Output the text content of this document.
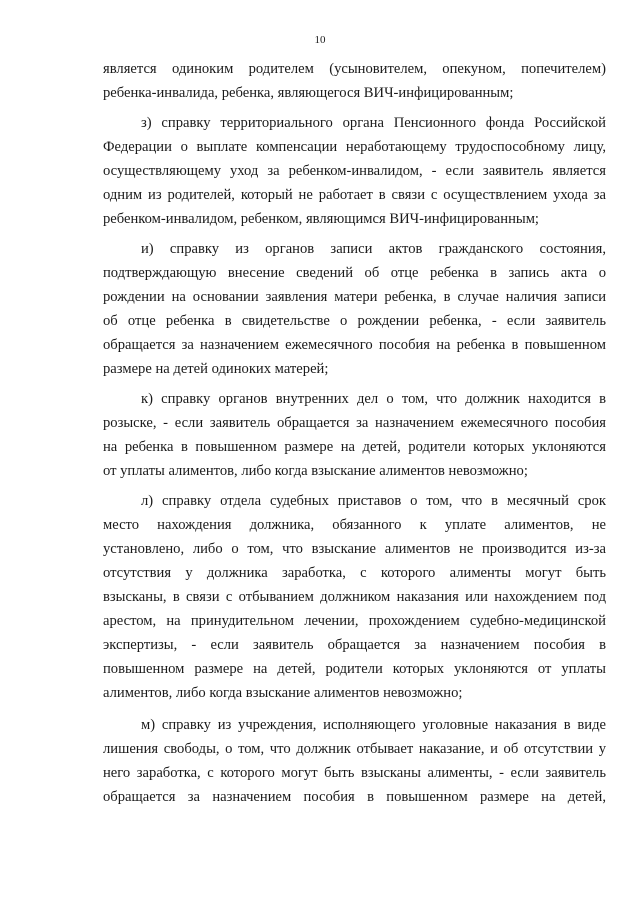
10
является одиноким родителем (усыновителем, опекуном, попечителем)
ребенка-инвалида, ребенка, являющегося ВИЧ-инфицированным;
з) справку территориального органа Пенсионного фонда Российской
Федерации о выплате компенсации неработающему трудоспособному лицу,
осуществляющему уход за ребенком-инвалидом, - если заявитель является
одним из родителей, который не работает в связи с осуществлением ухода за
ребенком-инвалидом, ребенком, являющимся ВИЧ-инфицированным;
и) справку из органов записи актов гражданского состояния,
подтверждающую внесение сведений об отце ребенка в запись акта о
рождении на основании заявления матери ребенка, в случае наличия записи
об отце ребенка в свидетельстве о рождении ребенка, - если заявитель
обращается за назначением ежемесячного пособия на ребенка в повышенном
размере на детей одиноких матерей;
к) справку органов внутренних дел о том, что должник находится в
розыске, - если заявитель обращается за назначением ежемесячного пособия
на ребенка в повышенном размере на детей, родители которых уклоняются
от уплаты алиментов, либо когда взыскание алиментов невозможно;
л) справку отдела судебных приставов о том, что в месячный срок
место нахождения должника, обязанного к уплате алиментов, не
установлено, либо о том, что взыскание алиментов не производится из-за
отсутствия у должника заработка, с которого алименты могут быть
взысканы, в связи с отбыванием должником наказания или нахождением под
арестом, на принудительном лечении, прохождением судебно-медицинской
экспертизы, - если заявитель обращается за назначением пособия в
повышенном размере на детей, родители которых уклоняются от уплаты
алиментов, либо когда взыскание алиментов невозможно;
м) справку из учреждения, исполняющего уголовные наказания в виде
лишения свободы, о том, что должник отбывает наказание, и об отсутствии у
него заработка, с которого могут быть взысканы алименты, - если заявитель
обращается за назначением пособия в повышенном размере на детей,
